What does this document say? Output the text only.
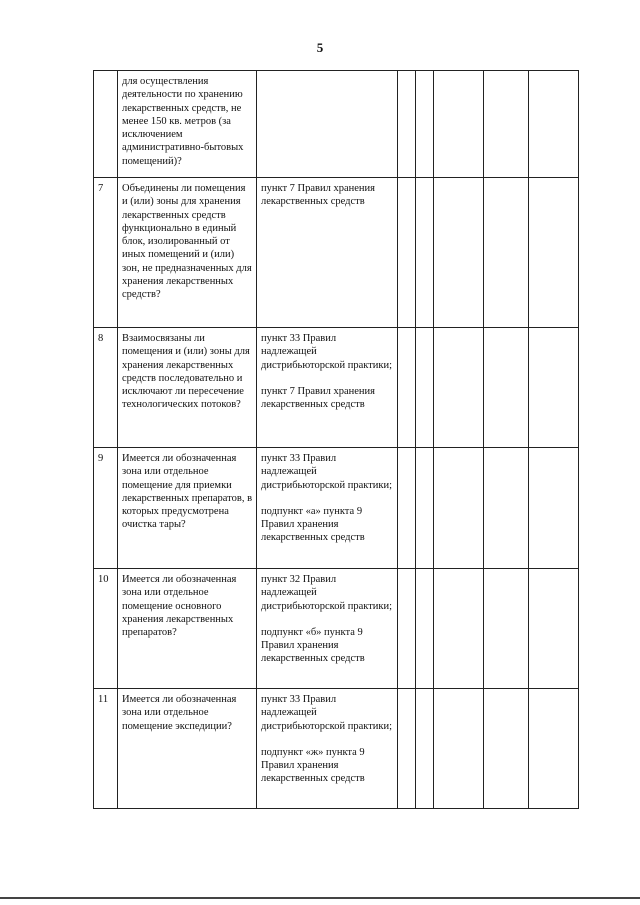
5
	для осуществления деятельности по хранению лекарственных средств, не менее 150 кв. метров (за исключением административно-бытовых помещений)?	

7	Объединены ли помещения и (или) зоны для хранения лекарственных средств функционально в единый блок, изолированный от иных помещений и (или) зон, не предназначенных для хранения лекарственных средств?	пункт 7 Правил хранения лекарственных средств					

8	Взаимосвязаны ли помещения и (или) зоны для хранения лекарственных средств последовательно и исключают ли пересечение технологических потоков?	пункт 33 Правил надлежащей дистрибьюторской практики;
пункт 7 Правил хранения лекарственных средств					

9	Имеется ли обозначенная зона или отдельное помещение для приемки лекарственных препаратов, в которых предусмотрена очистка тары?	пункт 33 Правил надлежащей дистрибьюторской практики;
подпункт «а» пункта 9 Правил хранения лекарственных средств					

10	Имеется ли обозначенная зона или отдельное помещение основного хранения лекарственных препаратов?	пункт 32 Правил надлежащей дистрибьюторской практики;
подпункт «б» пункта 9 Правил хранения лекарственных средств					

11	Имеется ли обозначенная зона или отдельное помещение экспедиции?	пункт 33 Правил надлежащей дистрибьюторской практики;
подпункт «ж» пункта 9 Правил хранения лекарственных средств					
